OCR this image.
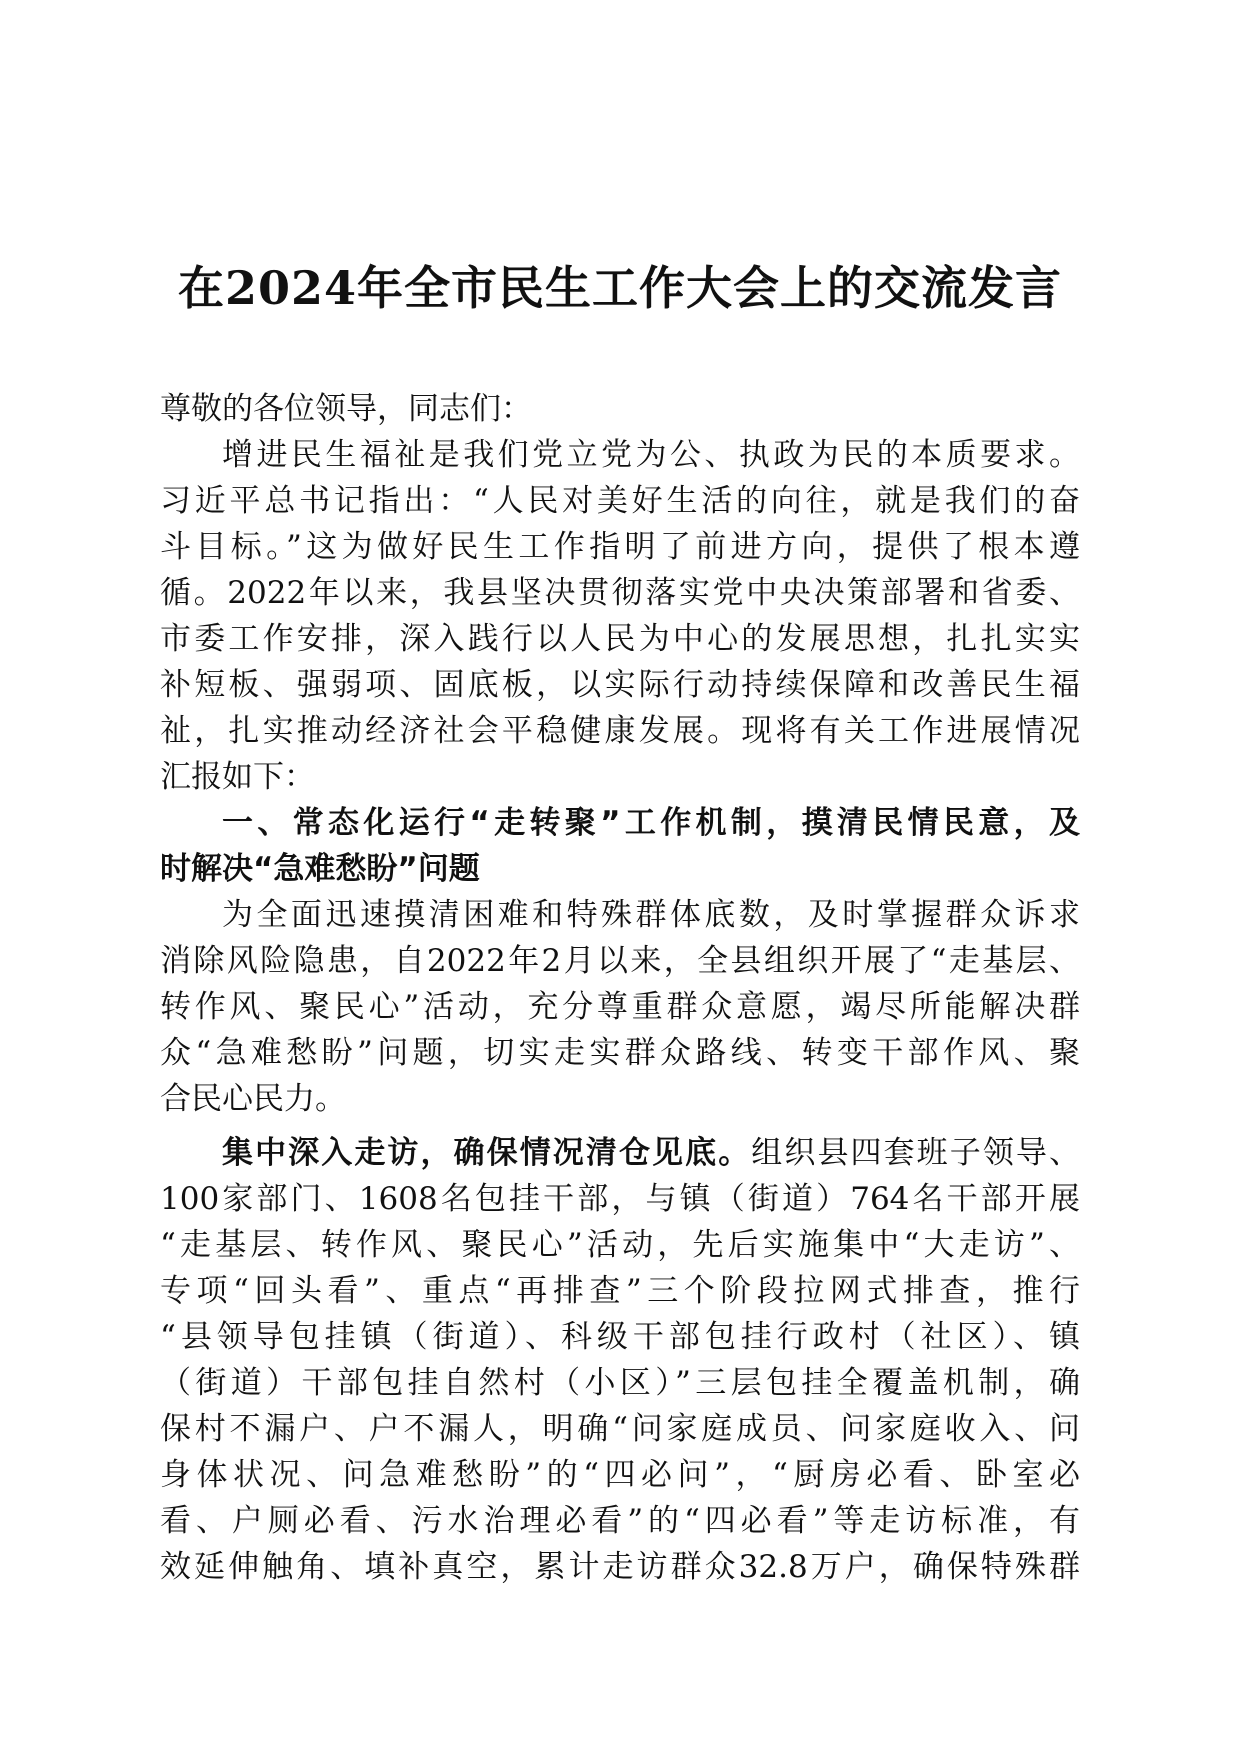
在2024年全市民生工作大会上的交流发言
尊敬的各位领导，同志们：
增进民生福祉是我们党立党为公、执政为民的本质要求。
习近平总书记指出：“人民对美好生活的向往，就是我们的奋
斗目标。”这为做好民生工作指明了前进方向，提供了根本遵
循。2022年以来，我县坚决贯彻落实党中央决策部署和省委、
市委工作安排，深入践行以人民为中心的发展思想，扎扎实实
补短板、强弱项、固底板，以实际行动持续保障和改善民生福
祉，扎实推动经济社会平稳健康发展。现将有关工作进展情况
汇报如下：
一、常态化运行“走转聚”工作机制，摸清民情民意，及
时解决“急难愁盼”问题
为全面迅速摸清困难和特殊群体底数，及时掌握群众诉求
消除风险隐患，自2022年2月以来，全县组织开展了“走基层、
转作风、聚民心”活动，充分尊重群众意愿，竭尽所能解决群
众“急难愁盼”问题，切实走实群众路线、转变干部作风、聚
合民心民力。
集中深入走访，确保情况清仓见底。组织县四套班子领导、
100家部门、1608名包挂干部，与镇（街道）764名干部开展
“走基层、转作风、聚民心”活动，先后实施集中“大走访”、
专项“回头看”、重点“再排查”三个阶段拉网式排查，推行
“县领导包挂镇（街道）、科级干部包挂行政村（社区）、镇
（街道）干部包挂自然村（小区）”三层包挂全覆盖机制，确
保村不漏户、户不漏人，明确“问家庭成员、问家庭收入、问
身体状况、问急难愁盼”的“四必问”，“厨房必看、卧室必
看、户厕必看、污水治理必看”的“四必看”等走访标准，有
效延伸触角、填补真空，累计走访群众32.8万户，确保特殊群
